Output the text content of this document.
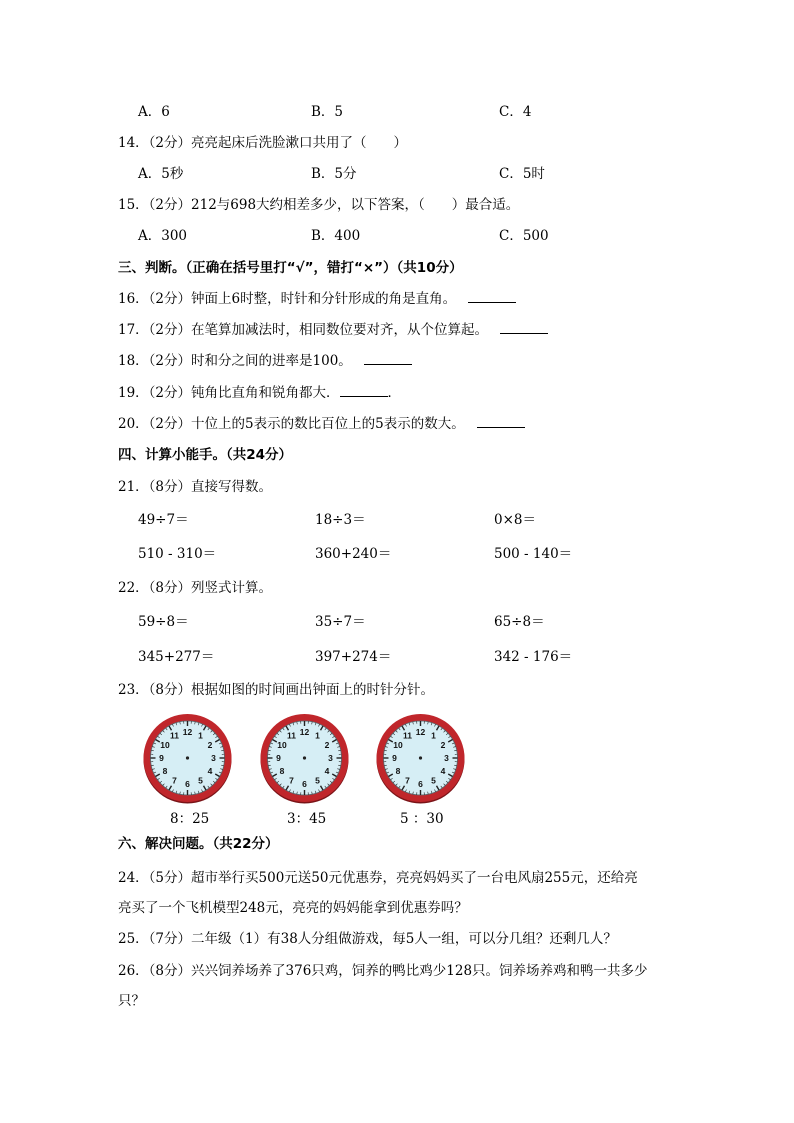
A．6	B．5	C．4
14．（2分）亮亮起床后洗脸漱口共用了（　　）
A．5秒	B．5分	C．5时
15．（2分）212与698大约相差多少，以下答案，（　　）最合适。
A．300	B．400	C．500
三、判断。（正确在括号里打“√”，错打“×”）（共10分）
16．（2分）钟面上6时整，时针和分针形成的角是直角。
17．（2分）在笔算加减法时，相同数位要对齐，从个位算起。
18．（2分）时和分之间的进率是100。
19．（2分）钝角比直角和锐角都大．	．
20．（2分）十位上的5表示的数比百位上的5表示的数大。
四、计算小能手。（共24分）
21．（8分）直接写得数。
49÷7＝	18÷3＝	0×8＝
510 - 310＝	360+240＝	500 - 140＝
22．（8分）列竖式计算。
59÷8＝	35÷7＝	65÷8＝
345+277＝	397+274＝	342 - 176＝
23．（8分）根据如图的时间画出钟面上的时针分针。
12 1
2
3
4
5
6
7
8
9
10
11	12 1
2
3
4
5
6
7
8
9
10
11	12 1
2
3
4
5
6
7
8
9
10
11
8：25	3：45	5 ：30
六、解决问题。（共22分）
24．（5分）超市举行买500元送50元优惠券，亮亮妈妈买了一台电风扇255元，还给亮
亮买了一个飞机模型248元，亮亮的妈妈能拿到优惠券吗？
25．（7分）二年级（1）有38人分组做游戏，每5人一组，可以分几组？还剩几人？
26．（8分）兴兴饲养场养了376只鸡，饲养的鸭比鸡少128只。饲养场养鸡和鸭一共多少
只？
